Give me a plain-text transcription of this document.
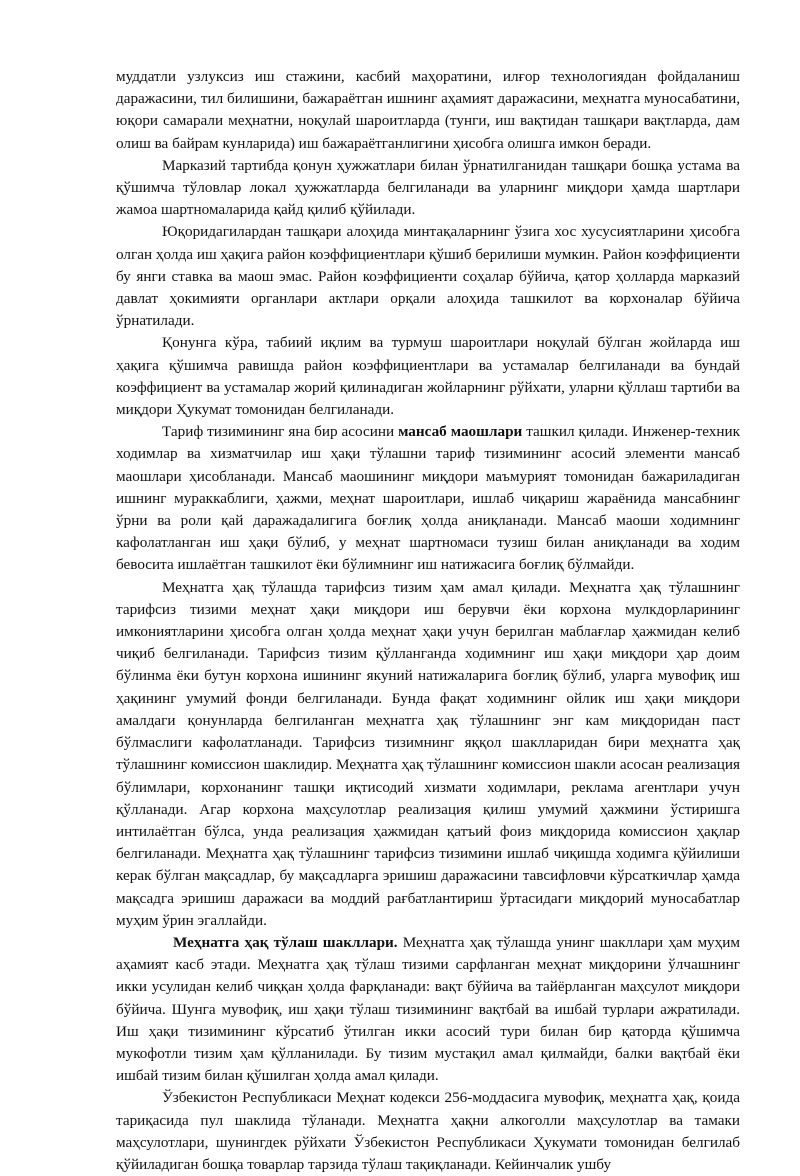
муддатли узлуксиз иш стажини, касбий маҳоратини, илғор технологиядан фойдаланиш даражасини, тил билишини, бажараётган ишнинг аҳамият даражасини, меҳнатга муносабатини, юқори самарали меҳнатни, ноқулай шароитларда (тунги, иш вақтидан ташқари вақтларда, дам олиш ва байрам кунларида) иш бажараётганлигини ҳисобга олишга имкон беради.

Марказий тартибда қонун ҳужжатлари билан ўрнатилганидан ташқари бошқа устама ва қўшимча тўловлар локал ҳужжатларда белгиланади ва уларнинг миқдори ҳамда шартлари жамоа шартномаларида қайд қилиб қўйилади.

Юқоридагилардан ташқари алоҳида минтақаларнинг ўзига хос хусусиятларини ҳисобга олган ҳолда иш ҳақига район коэффициентлари қўшиб берилиши мумкин. Район коэффициенти бу янги ставка ва маош эмас. Район коэффициенти соҳалар бўйича, қатор ҳолларда марказий давлат ҳокимияти органлари актлари орқали алоҳида ташкилот ва корхоналар бўйича ўрнатилади.

Қонунга кўра, табиий иқлим ва турмуш шароитлари ноқулай бўлган жойларда иш ҳақига қўшимча равишда район коэффициентлари ва устамалар белгиланади ва бундай коэффициент ва устамалар жорий қилинадиган жойларнинг рўйхати, уларни қўллаш тартиби ва миқдори Ҳукумат томонидан белгиланади.

Тариф тизимининг яна бир асосини мансаб маошлари ташкил қилади. Инженер-техник ходимлар ва хизматчилар иш ҳақи тўлашни тариф тизимининг асосий элементи мансаб маошлари ҳисобланади. Мансаб маошининг миқдори маъмурият томонидан бажариладиган ишнинг мураккаблиги, ҳажми, меҳнат шароитлари, ишлаб чиқариш жараёнида мансабнинг ўрни ва роли қай даражадалигига боғлиқ ҳолда аниқланади. Мансаб маоши ходимнинг кафолатланган иш ҳақи бўлиб, у меҳнат шартномаси тузиш билан аниқланади ва ходим бевосита ишлаётган ташкилот ёки бўлимнинг иш натижасига боғлиқ бўлмайди.

Меҳнатга ҳақ тўлашда тарифсиз тизим ҳам амал қилади. Меҳнатга ҳақ тўлашнинг тарифсиз тизими меҳнат ҳақи миқдори иш берувчи ёки корхона мулкдорларининг имкониятларини ҳисобга олган ҳолда меҳнат ҳақи учун берилган маблағлар ҳажмидан келиб чиқиб белгиланади. Тарифсиз тизим қўлланганда ходимнинг иш ҳақи миқдори ҳар доим бўлинма ёки бутун корхона ишининг якуний натижаларига боғлиқ бўлиб, уларга мувофиқ иш ҳақининг умумий фонди белгиланади. Бунда фақат ходимнинг ойлик иш ҳақи миқдори амалдаги қонунларда белгиланган меҳнатга ҳақ тўлашнинг энг кам миқдоридан паст бўлмаслиги кафолатланади. Тарифсиз тизимнинг яққол шаклларидан бири меҳнатга ҳақ тўлашнинг комиссион шаклидир. Меҳнатга ҳақ тўлашнинг комиссион шакли асосан реализация бўлимлари, корхонанинг ташқи иқтисодий хизмати ходимлари, реклама агентлари учун қўлланади. Агар корхона маҳсулотлар реализация қилиш умумий ҳажмини ўстиришга интилаётган бўлса, унда реализация ҳажмидан қатъий фоиз миқдорида комиссион ҳақлар белгиланади. Меҳнатга ҳақ тўлашнинг тарифсиз тизимини ишлаб чиқишда ходимга қўйилиши керак бўлган мақсадлар, бу мақсадларга эришиш даражасини тавсифловчи кўрсаткичлар ҳамда мақсадга эришиш даражаси ва моддий рағбатлантириш ўртасидаги миқдорий муносабатлар муҳим ўрин эгаллайди.

Меҳнатга ҳақ тўлаш шакллари. Меҳнатга ҳақ тўлашда унинг шакллари ҳам муҳим аҳамият касб этади. Меҳнатга ҳақ тўлаш тизими сарфланган меҳнат миқдорини ўлчашнинг икки усулидан келиб чиққан ҳолда фарқланади: вақт бўйича ва тайёрланган маҳсулот миқдори бўйича. Шунга мувофиқ, иш ҳақи тўлаш тизимининг вақтбай ва ишбай турлари ажратилади. Иш ҳақи тизимининг кўрсатиб ўтилган икки асосий тури билан бир қаторда қўшимча мукофотли тизим ҳам қўлланилади. Бу тизим мустақил амал қилмайди, балки вақтбай ёки ишбай тизим билан қўшилган ҳолда амал қилади.

Ўзбекистон Республикаси Меҳнат кодекси 256-моддасига мувофиқ, меҳнатга ҳақ, қоида тариқасида пул шаклида тўланади. Меҳнатга ҳақни алкоголли маҳсулотлар ва тамаки маҳсулотлари, шунингдек рўйхати Ўзбекистон Республикаси Ҳукумати томонидан белгилаб қўйиладиган бошқа товарлар тарзида тўлаш тақиқланади. Кейинчалик ушбу
